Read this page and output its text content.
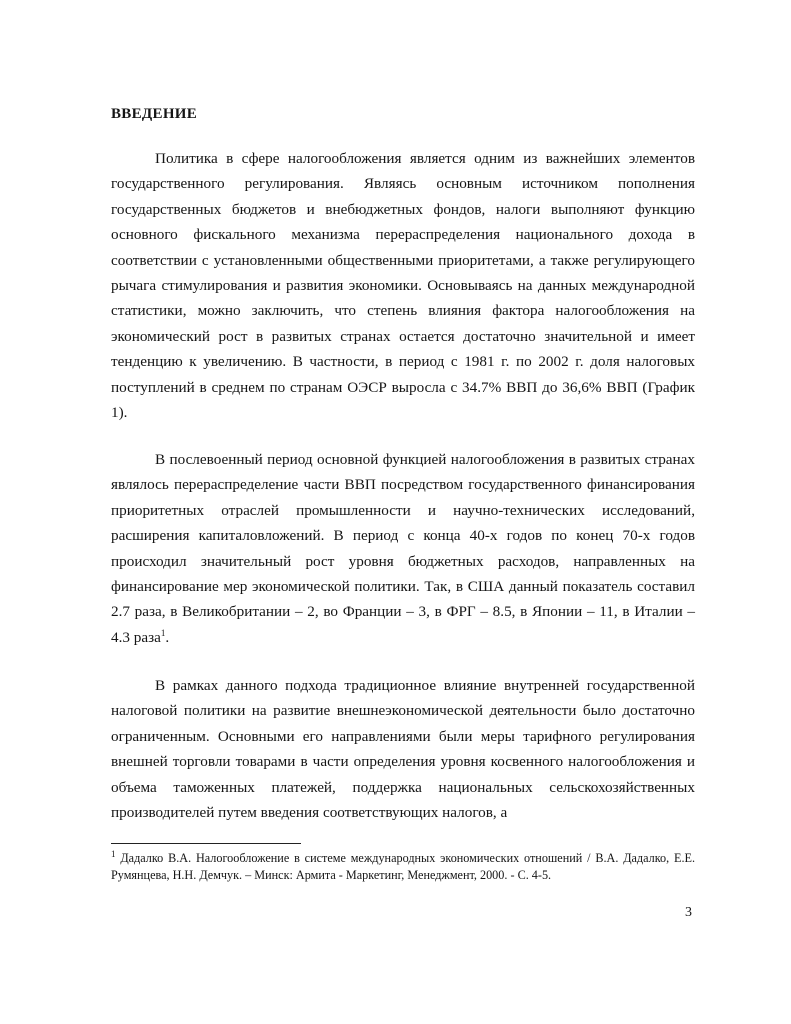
ВВЕДЕНИЕ

Политика в сфере налогообложения является одним из важнейших элементов государственного регулирования. Являясь основным источником пополнения государственных бюджетов и внебюджетных фондов, налоги выполняют функцию основного фискального механизма перераспределения национального дохода в соответствии с установленными общественными приоритетами, а также регулирующего рычага стимулирования и развития экономики. Основываясь на данных международной статистики, можно заключить, что степень влияния фактора налогообложения на экономический рост в развитых странах остается достаточно значительной и имеет тенденцию к увеличению. В частности, в период с 1981 г. по 2002 г. доля налоговых поступлений в среднем по странам ОЭСР выросла с 34.7% ВВП до 36,6% ВВП (График 1).

В послевоенный период основной функцией налогообложения в развитых странах являлось перераспределение части ВВП посредством государственного финансирования приоритетных отраслей промышленности и научно-технических исследований, расширения капиталовложений. В период с конца 40-х годов по конец 70-х годов происходил значительный рост уровня бюджетных расходов, направленных на финансирование мер экономической политики. Так, в США данный показатель составил 2.7 раза, в Великобритании – 2, во Франции – 3, в ФРГ – 8.5, в Японии – 11, в Италии – 4.3 раза$^1$.

В рамках данного подхода традиционное влияние внутренней государственной налоговой политики на развитие внешнеэкономической деятельности было достаточно ограниченным. Основными его направлениями были меры тарифного регулирования внешней торговли товарами в части определения уровня косвенного налогообложения и объема таможенных платежей, поддержка национальных сельскохозяйственных производителей путем введения соответствующих налогов, а

$^1$ Дадалко В.А. Налогообложение в системе международных экономических отношений / В.А. Дадалко, Е.Е. Румянцева, Н.Н. Демчук. – Минск: Армита - Маркетинг, Менеджмент, 2000. - С. 4-5.
3
